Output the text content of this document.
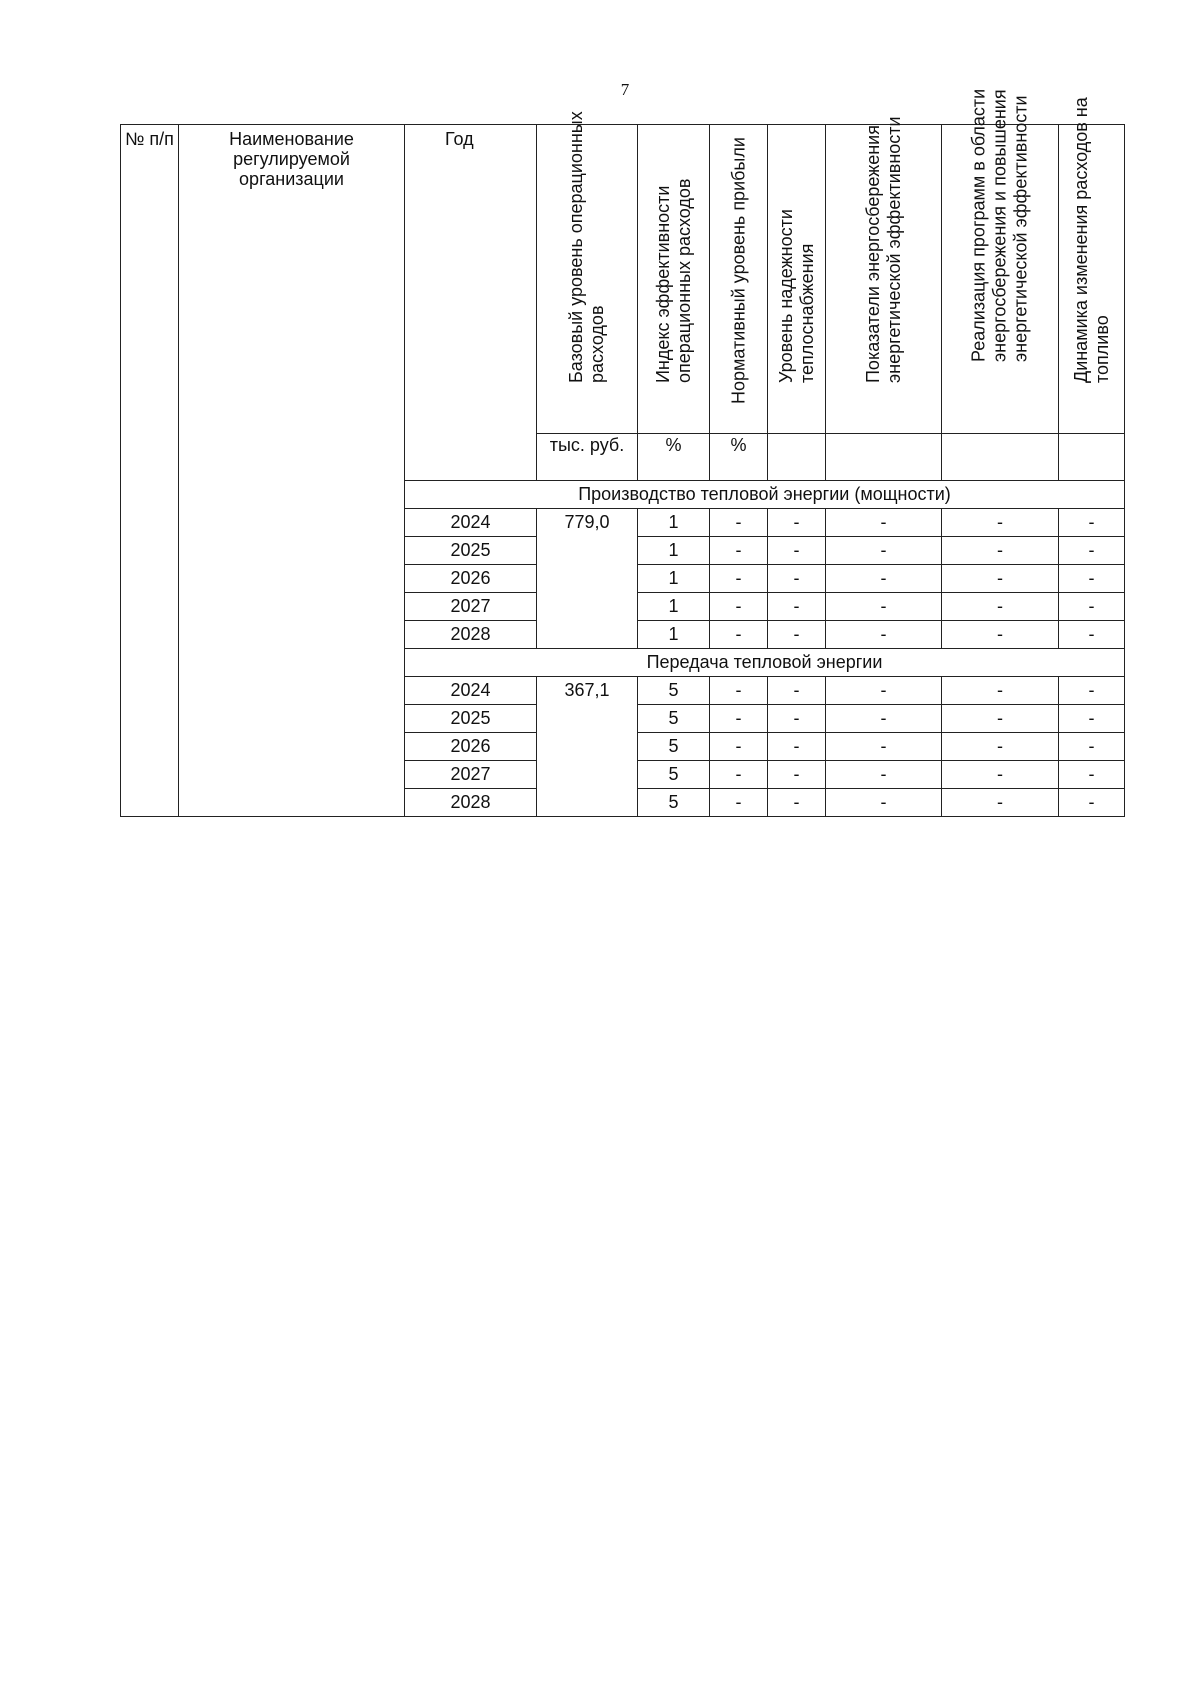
7
№ п/п	Наименование регулируемой организации	Год	Базовый уровень операционных расходов	Индекс эффективности операционных расходов	Нормативный уровень прибыли	Уровень надежности теплоснабжения	Показатели энергосбережения энергетической эффективности	Реализация программ в области энергосбережения и повышения энергетической эффективности	Динамика изменения расходов на топливо

			тыс. руб.	%	%				
		Производство тепловой энергии (мощности)							
		2024	779,0	1	-	-	-	-	-
		2025		1	-	-	-	-	-
		2026		1	-	-	-	-	-
		2027		1	-	-	-	-	-
		2028		1	-	-	-	-	-
		Передача тепловой энергии							
		2024	367,1	5	-	-	-	-	-
		2025		5	-	-	-	-	-
		2026		5	-	-	-	-	-
		2027		5	-	-	-	-	-
		2028		5	-	-	-	-	-
